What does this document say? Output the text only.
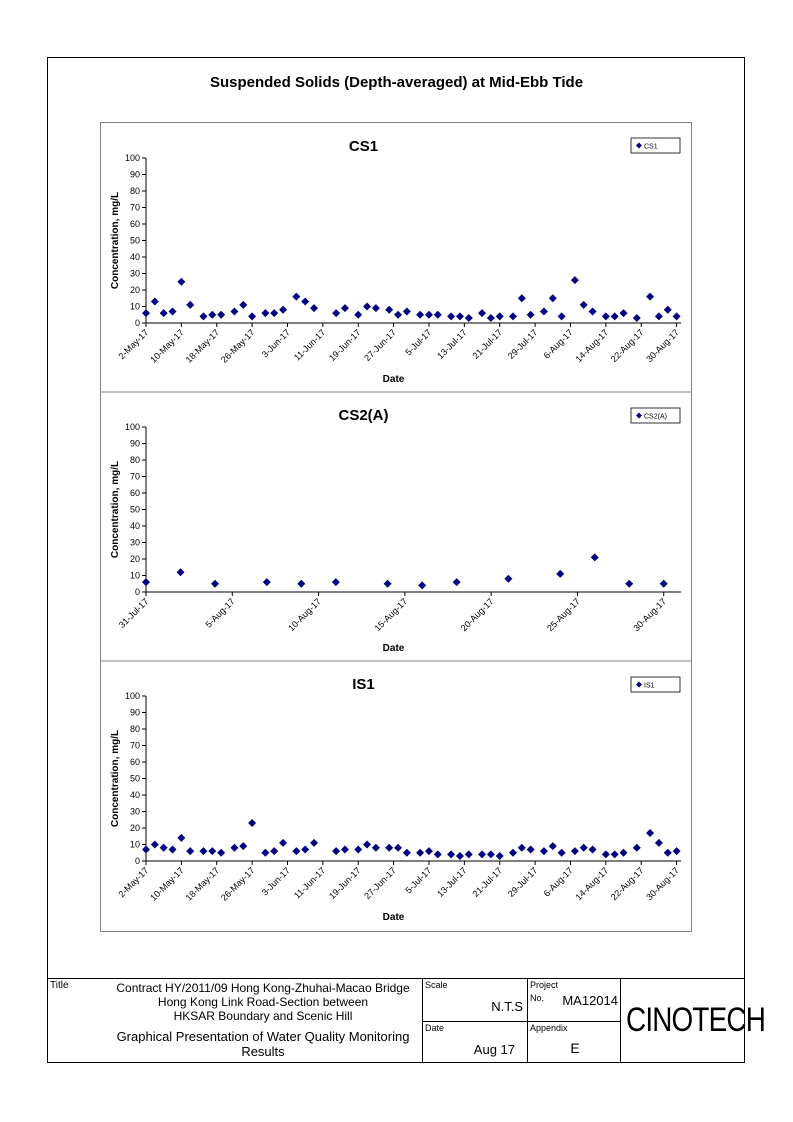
Suspended Solids (Depth-averaged) at Mid-Ebb Tide
CS1
0
10
20
30
40
50
60
70
80
90
100
2-May-17
10-May-17
18-May-17
26-May-17 3-Jun-17 11-Jun-17 19-Jun-17 27-Jun-17 5-Jul-17 13-Jul-17 21-Jul-17 29-Jul-17 6-Aug-17
14-Aug-17
22-Aug-17
30-Aug-17
Concentration, mg/L
Date
CS1
CS2(A)
0
10
20
30
40
50
60
70
80
90
100
31-Jul-17	5-Aug-17	10-Aug-17	15-Aug-17	20-Aug-17	25-Aug-17	30-Aug-17
Concentration, mg/L
Date
CS2(A)
IS1
0
10
20
30
40
50
60
70
80
90
100
2-May-17
10-May-17
18-May-17
26-May-17 3-Jun-17 11-Jun-17 19-Jun-17 27-Jun-17 5-Jul-17 13-Jul-17 21-Jul-17 29-Jul-17 6-Aug-17
14-Aug-17
22-Aug-17
30-Aug-17
Concentration, mg/L
Date
IS1
Title	Contract HY/2011/09 Hong Kong-Zhuhai-Macao Bridge
Hong Kong Link Road-Section between
HKSAR Boundary and Scenic Hill
Graphical Presentation of Water Quality Monitoring
Results
Scale
N.T.S
Date
Aug 17
Project
No.	MA12014
Appendix
E
CINOTECH
